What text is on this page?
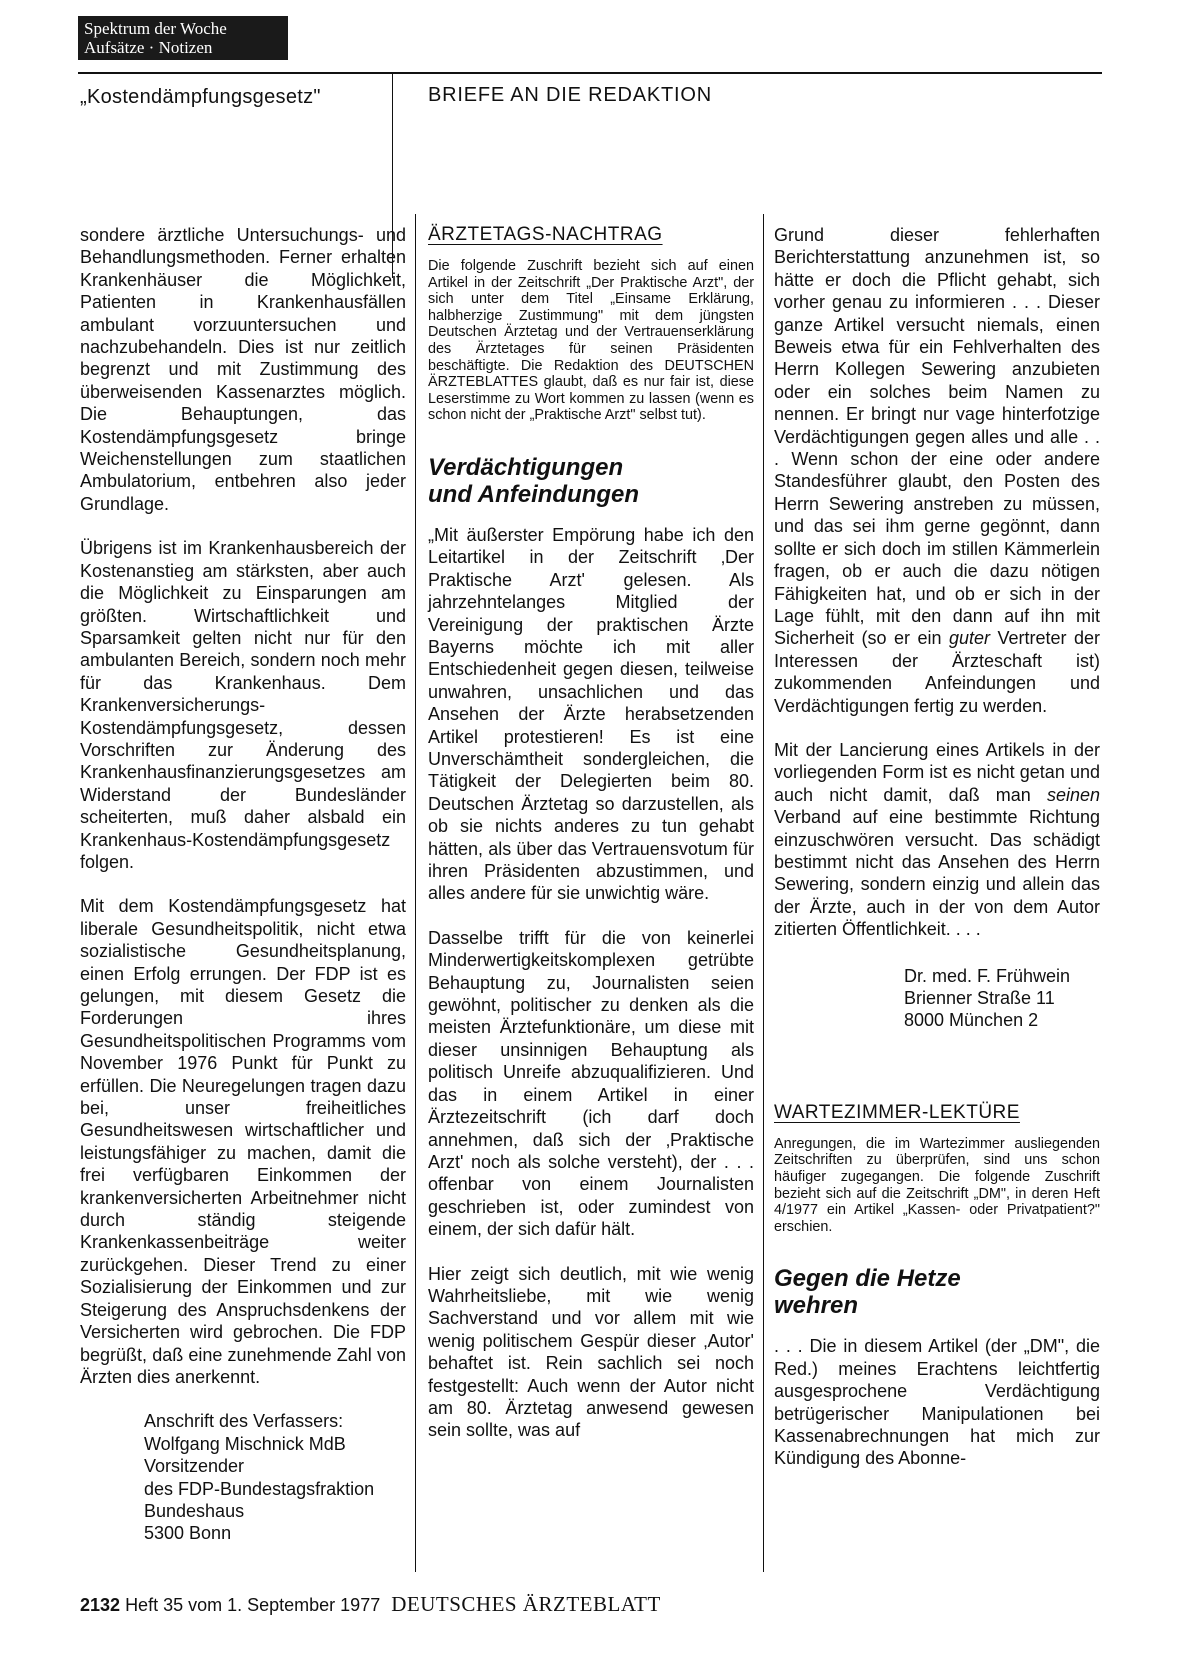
Spektrum der Woche
Aufsätze · Notizen
„Kostendämpfungsgesetz"	BRIEFE AN DIE REDAKTION

sondere ärztliche Untersuchungs- und Behandlungsmethoden. Ferner erhalten Krankenhäuser die Möglichkeit, Patienten in Krankenhausfällen ambulant vorzuuntersuchen und nachzubehandeln. Dies ist nur zeitlich begrenzt und mit Zustimmung des überweisenden Kassenarztes möglich. Die Behauptungen, das Kostendämpfungsgesetz bringe Weichenstellungen zum staatlichen Ambulatorium, entbehren also jeder Grundlage.

Übrigens ist im Krankenhausbereich der Kostenanstieg am stärksten, aber auch die Möglichkeit zu Einsparungen am größten. Wirtschaftlichkeit und Sparsamkeit gelten nicht nur für den ambulanten Bereich, sondern noch mehr für das Krankenhaus. Dem Krankenversicherungs-Kostendämpfungsgesetz, dessen Vorschriften zur Änderung des Krankenhausfinanzierungsgesetzes am Widerstand der Bundesländer scheiterten, muß daher alsbald ein Krankenhaus-Kostendämpfungsgesetz folgen.

Mit dem Kostendämpfungsgesetz hat liberale Gesundheitspolitik, nicht etwa sozialistische Gesundheitsplanung, einen Erfolg errungen. Der FDP ist es gelungen, mit diesem Gesetz die Forderungen ihres Gesundheitspolitischen Programms vom November 1976 Punkt für Punkt zu erfüllen. Die Neuregelungen tragen dazu bei, unser freiheitliches Gesundheitswesen wirtschaftlicher und leistungsfähiger zu machen, damit die frei verfügbaren Einkommen der krankenversicherten Arbeitnehmer nicht durch ständig steigende Krankenkassenbeiträge weiter zurückgehen. Dieser Trend zu einer Sozialisierung der Einkommen und zur Steigerung des Anspruchsdenkens der Versicherten wird gebrochen. Die FDP begrüßt, daß eine zunehmende Zahl von Ärzten dies anerkennt.

Anschrift des Verfassers:
Wolfgang Mischnick MdB
Vorsitzender
des FDP-Bundestagsfraktion
Bundeshaus
5300 Bonn
ÄRZTETAGS-NACHTRAG
Die folgende Zuschrift bezieht sich auf einen Artikel in der Zeitschrift „Der Praktische Arzt", der sich unter dem Titel „Einsame Erklärung, halbherzige Zustimmung" mit dem jüngsten Deutschen Ärztetag und der Vertrauenserklärung des Ärztetages für seinen Präsidenten beschäftigte. Die Redaktion des DEUTSCHEN ÄRZTEBLATTES glaubt, daß es nur fair ist, diese Leserstimme zu Wort kommen zu lassen (wenn es schon nicht der „Praktische Arzt" selbst tut).
Verdächtigungen
und Anfeindungen

„Mit äußerster Empörung habe ich den Leitartikel in der Zeitschrift ‚Der Praktische Arzt' gelesen. Als jahrzehntelanges Mitglied der Vereinigung der praktischen Ärzte Bayerns möchte ich mit aller Entschiedenheit gegen diesen, teilweise unwahren, unsachlichen und das Ansehen der Ärzte herabsetzenden Artikel protestieren! Es ist eine Unverschämtheit sondergleichen, die Tätigkeit der Delegierten beim 80. Deutschen Ärztetag so darzustellen, als ob sie nichts anderes zu tun gehabt hätten, als über das Vertrauensvotum für ihren Präsidenten abzustimmen, und alles andere für sie unwichtig wäre.

Dasselbe trifft für die von keinerlei Minderwertigkeitskomplexen getrübte Behauptung zu, Journalisten seien gewöhnt, politischer zu denken als die meisten Ärztefunktionäre, um diese mit dieser unsinnigen Behauptung als politisch Unreife abzuqualifizieren. Und das in einem Artikel in einer Ärztezeitschrift (ich darf doch annehmen, daß sich der ‚Praktische Arzt' noch als solche versteht), der . . . offenbar von einem Journalisten geschrieben ist, oder zumindest von einem, der sich dafür hält.

Hier zeigt sich deutlich, mit wie wenig Wahrheitsliebe, mit wie wenig Sachverstand und vor allem mit wie wenig politischem Gespür dieser ‚Autor' behaftet ist. Rein sachlich sei noch festgestellt: Auch wenn der Autor nicht am 80. Ärztetag anwesend gewesen sein sollte, was auf

Grund dieser fehlerhaften Berichterstattung anzunehmen ist, so hätte er doch die Pflicht gehabt, sich vorher genau zu informieren . . . Dieser ganze Artikel versucht niemals, einen Beweis etwa für ein Fehlverhalten des Herrn Kollegen Sewering anzubieten oder ein solches beim Namen zu nennen. Er bringt nur vage hinterfotzige Verdächtigungen gegen alles und alle . . . Wenn schon der eine oder andere Standesführer glaubt, den Posten des Herrn Sewering anstreben zu müssen, und das sei ihm gerne gegönnt, dann sollte er sich doch im stillen Kämmerlein fragen, ob er auch die dazu nötigen Fähigkeiten hat, und ob er sich in der Lage fühlt, mit den dann auf ihn mit Sicherheit (so er ein guter Vertreter der Interessen der Ärzteschaft ist) zukommenden Anfeindungen und Verdächtigungen fertig zu werden.

Mit der Lancierung eines Artikels in der vorliegenden Form ist es nicht getan und auch nicht damit, daß man seinen Verband auf eine bestimmte Richtung einzuschwören versucht. Das schädigt bestimmt nicht das Ansehen des Herrn Sewering, sondern einzig und allein das der Ärzte, auch in der von dem Autor zitierten Öffentlichkeit. . . .

Dr. med. F. Frühwein
Brienner Straße 11
8000 München 2
WARTEZIMMER-LEKTÜRE
Anregungen, die im Wartezimmer ausliegenden Zeitschriften zu überprüfen, sind uns schon häufiger zugegangen. Die folgende Zuschrift bezieht sich auf die Zeitschrift „DM", in deren Heft 4/1977 ein Artikel „Kassen- oder Privatpatient?" erschien.
Gegen die Hetze
wehren

. . . Die in diesem Artikel (der „DM", die Red.) meines Erachtens leichtfertig ausgesprochene Verdächtigung betrügerischer Manipulationen bei Kassenabrechnungen hat mich zur Kündigung des Abonne-

2132 Heft 35 vom 1. September 1977 DEUTSCHES ÄRZTEBLATT
